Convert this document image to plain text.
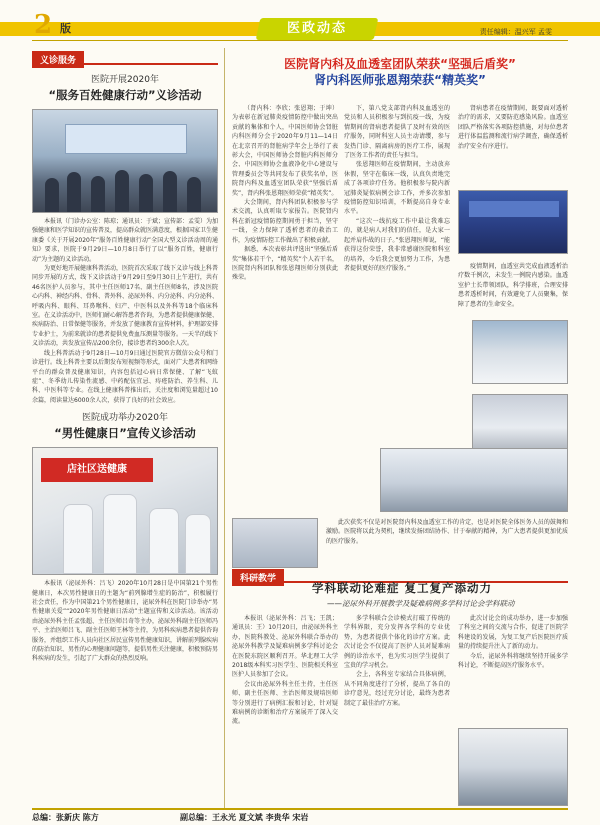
2 版	医政动态	责任编辑：温兴军 孟雯
义诊服务
医院开展2020年
“服务百姓健康行动”义诊活动

本报讯（门诊办公室：陈琼；通讯员：于斌；宣传部：孟雯）为加强健康和医学知识的宣传普及，提高群众就医满意度，根据国家卫生健康委《关于开展2020年“服务百姓健康行动”全国大型义诊活动周的通知》要求，医院于9月29日—10月8日举行了以“服务百姓，健康行动”为主题的义诊活动。

为更好地开展健康科普活动，医院首次采取了线下义诊与线上科普同步开展的方式，线下义诊活动于9月29日至9月30日上午进行，共有46名医护人员参与，其中主任医师17名、副主任医师8名，涉及医院心内科、神经内科、骨科、普外科、泌尿外科、内分泌科、内分泌科、呼吸内科、眼科、耳鼻喉科、妇产、中医科以及外科等18个临床科室。在义诊活动中，医师们耐心解答患者咨询，为患者提供健康保健、疾病防治、日常保健等服务，并发放了健康教育宣传材料，护理部安排专业护士，为前来就诊的患者提供免费血压测量等服务。一天半的线下义诊活动，共发放宣传品200余份，接诊患者约300余人次。

线上科普活动于9月28日—10月9日通过医院官方微信公众号和门诊进行。线上科普主要以后期发布短视频等形式，面对广大患者和网络平台的群众普及健康知识，内容包括冠心病日常保健、了解“飞蚊症”、冬季幼儿传染性流感、中药配伍宜忌、痔疮防治、养生科、儿科、中医科等专业。在线上健康科普推出后，关注度和浏览量超过10余篇，阅读量达6000余人次，获得了良好的社会效应。

医院成功举办2020年
“男性健康日”宣传义诊活动
店社区送健康

本报讯（泌尿外科：吕飞）2020年10月28日是中国第21个男性健康日，本次男性健康日的主题为“前列腺增生症的防治”，积极履行社会责任，作为中国第21个男性健康日，泌尿外科在医院门诊举办“男性健康关爱”“2020年男性健康日活动”主题宣传和义诊活动。该活动由泌尿外科主任孟张超、主任医师吕奇等主办，泌尿外科副主任医师冯平、主治医师吕飞、副主任医师王林等主持，为男科疾病患者提供咨询服务，并组织工作人员向社区居民宣传男性健康知识，讲解前列腺疾病的防治知识、男性的心理健康问题等，提倡男性关注健康，积极预防男科疾病的发生，引起了广大群众的热烈反响。

医院肾内科及血透室团队荣获“坚强后盾奖”
肾内科医师张恩翔荣获“精英奖”

（肾内科：李欣；张恩翔；于坤）为表彰在新冠肺炎疫情防控中做出突出贡献的集体和个人，中国医师协会肾脏内科医师分会于2020年9月11—14日在北京召开的肾脏病学年会上举行了表彰大会，中国医师协会肾脏内科医师分会、中国医师协会血液净化中心建设与管理委员会等共同发布了获奖名单，医院肾内科及血透室团队荣获“坚强后盾奖”，肾内科张恩翔医师荣获“精英奖”。

大会期间，肾内科团队积极参与学术交流，认真听取专家报告。医院肾内科在新冠疫情防控期间勇于担当，坚守一线，全力保障了透析患者的救治工作，为疫情防控工作做出了积极贡献。

据悉，本次表彰共评选出“坚强后盾奖”集体若干个，“精英奖”个人若干名，医院肾内科团队和张恩翔医师分别获此殊荣。

下，第八党支部肾内科及血透室的党员和人员积极参与到抗疫一线，为疫情期间的肾病患者提供了及时有效的医疗服务，同时科室人员主动请缨，参与发热门诊、隔离病房的医疗工作，展现了医务工作者的责任与担当。

张恩翔医师在疫情期间，主动放弃休假，坚守在临床一线，认真负责地完成了各项诊疗任务。他积极参与院内新冠肺炎疑似病例会诊工作，并多次参加疫情防控知识培训，不断提高自身专业水平。

“这次一线抗疫工作中最让我难忘的，就是病人对我们的信任，是大家一起并肩作战的日子。”张恩翔医师说，“能获得这份荣誉，我非常感谢医院和科室的培养，今后我会更加努力工作，为患者提供更好的医疗服务。”

肾病患者在疫情期间，既要面对透析治疗的需求，又要防范感染风险。血透室团队严格落实各项防控措施，对每位患者进行体温监测和流行病学调查，确保透析治疗安全有序进行。

疫情期间，血透室共完成血液透析治疗数千例次，未发生一例院内感染。血透室护士长带领团队，科学排班，合理安排患者透析时间，有效避免了人员聚集，保障了患者的生命安全。

此次获奖不仅是对医院肾内科及血透室工作的肯定，也是对医院全体医务人员的鼓舞和激励。医院将以此为契机，继续发扬团结协作、甘于奉献的精神，为广大患者提供更加优质的医疗服务。

科研教学
学科联动论难症 复工复产添动力
——泌尿外科开展教学及疑难病例多学科讨论会学科联动

本报讯（泌尿外科：吕飞；王凯；通讯员：王）10月20日，由泌尿外科主办，医院科教处、泌尿外科联合举办的泌尿外科教学及疑难病例多学科讨论会在医院东院区顺利召开。华北理工大学2018级本科实习医学生、医院相关科室医护人员参加了会议。

会议由泌尿外科主任主持，主任医师、副主任医师、主治医师及规培医师等分别进行了病例汇报和讨论，针对疑难病例的诊断和治疗方案展开了深入交流。

多学科联合会诊模式打破了传统的学科界限，充分发挥各学科的专业优势，为患者提供个体化的诊疗方案。此次讨论会不仅提高了医护人员对疑难病例的诊治水平，也为实习医学生提供了宝贵的学习机会。

会上，各科室专家结合具体病例，从不同角度进行了分析，提出了各自的诊疗意见，经过充分讨论，最终为患者制定了最佳治疗方案。

此次讨论会的成功举办，进一步加强了科室之间的交流与合作，促进了医院学科建设的发展，为复工复产后医院医疗质量的持续提升注入了新的动力。

今后，泌尿外科将继续坚持开展多学科讨论，不断提高医疗服务水平。

总编：张新庆 陈方	副总编：王永光 夏文斌 李贵华 宋岩
